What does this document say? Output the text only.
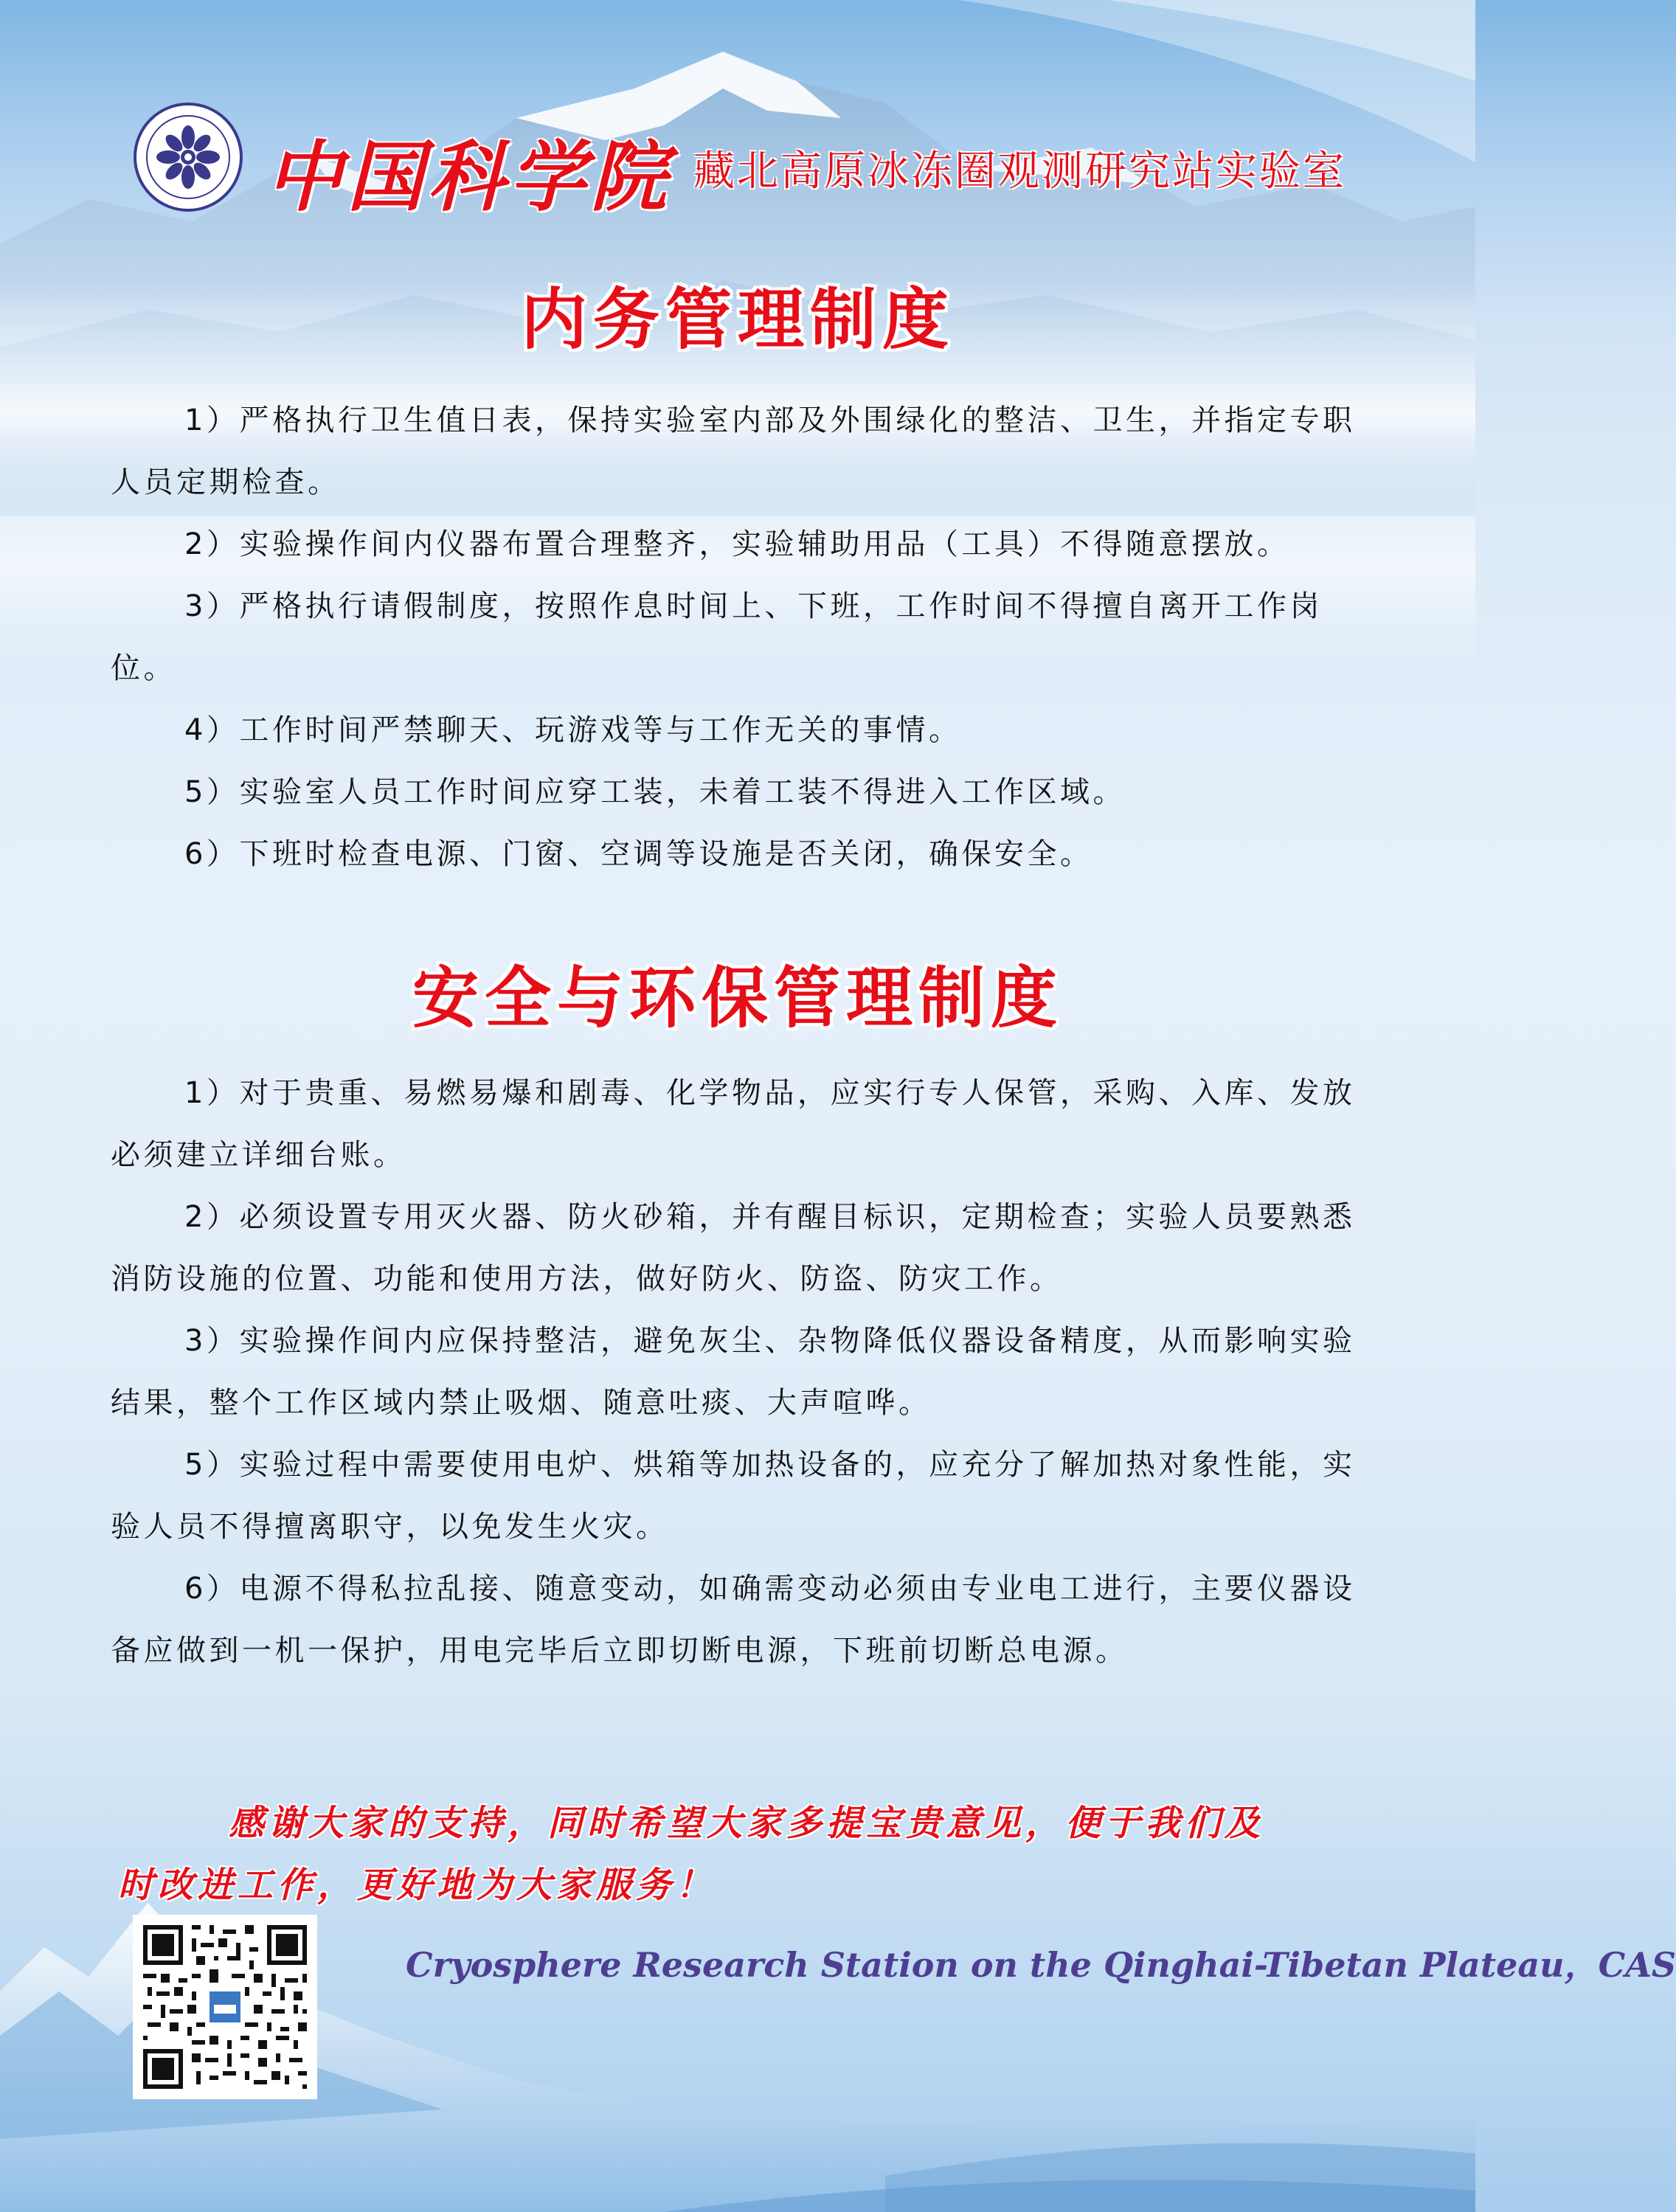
中国科学院 藏北高原冰冻圈观测研究站实验室
内务管理制度
1）严格执行卫生值日表，保持实验室内部及外围绿化的整洁、卫生，并指定专职人员定期检查。
2）实验操作间内仪器布置合理整齐，实验辅助用品（工具）不得随意摆放。
3）严格执行请假制度，按照作息时间上、下班，工作时间不得擅自离开工作岗位。
4）工作时间严禁聊天、玩游戏等与工作无关的事情。
5）实验室人员工作时间应穿工装，未着工装不得进入工作区域。
6）下班时检查电源、门窗、空调等设施是否关闭，确保安全。
安全与环保管理制度
1）对于贵重、易燃易爆和剧毒、化学物品，应实行专人保管，采购、入库、发放必须建立详细台账。
2）必须设置专用灭火器、防火砂箱，并有醒目标识，定期检查；实验人员要熟悉消防设施的位置、功能和使用方法，做好防火、防盗、防灾工作。
3）实验操作间内应保持整洁，避免灰尘、杂物降低仪器设备精度，从而影响实验结果，整个工作区域内禁止吸烟、随意吐痰、大声喧哗。
5）实验过程中需要使用电炉、烘箱等加热设备的，应充分了解加热对象性能，实验人员不得擅离职守，以免发生火灾。
6）电源不得私拉乱接、随意变动，如确需变动必须由专业电工进行，主要仪器设备应做到一机一保护，用电完毕后立即切断电源，下班前切断总电源。
感谢大家的支持，同时希望大家多提宝贵意见，便于我们及
时改进工作，更好地为大家服务！
Cryosphere Research Station on the Qinghai-Tibetan Plateau，CAS
